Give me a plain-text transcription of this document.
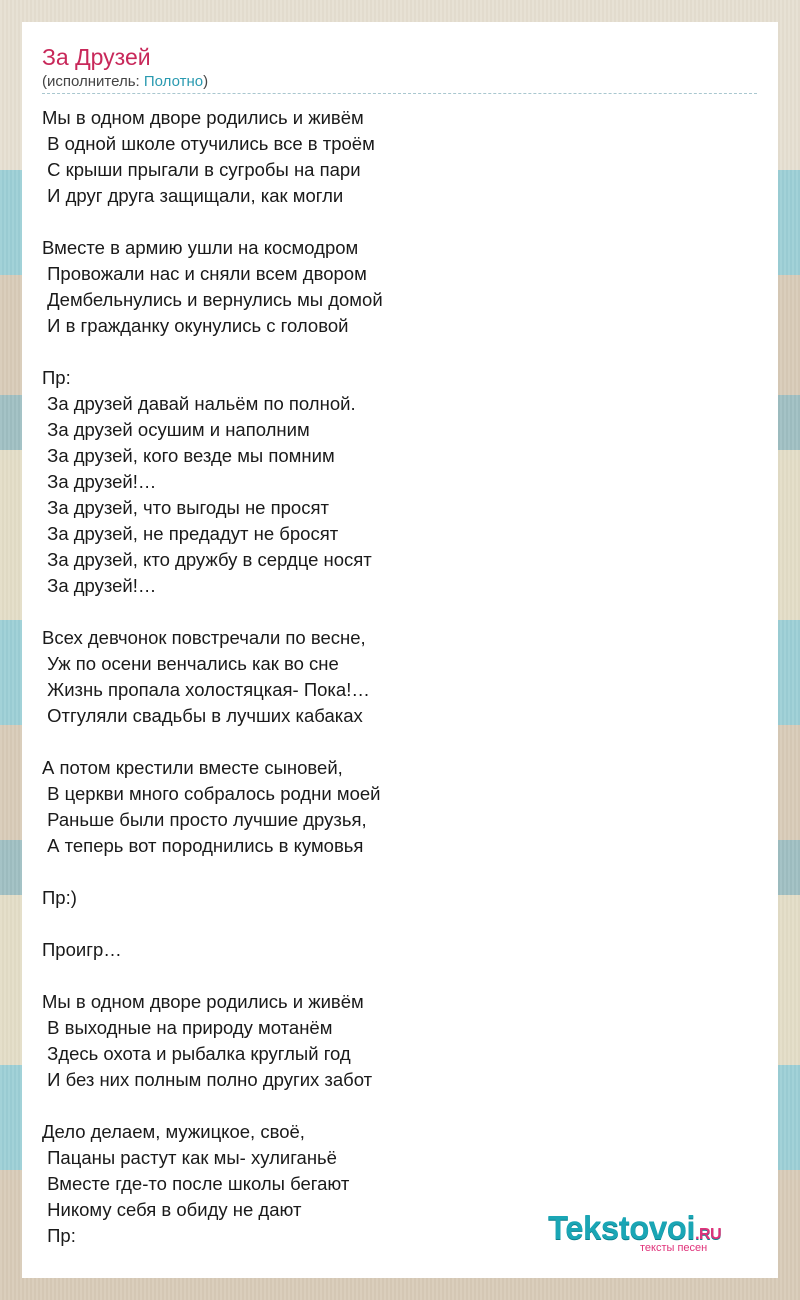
За Друзей
(исполнитель: Полотно)
Мы в одном дворе родились и живём
В одной школе отучились все в троём
С крыши прыгали в сугробы на пари
И друг друга защищали, как могли
Вместе в армию ушли на космодром
Провожали нас и сняли всем двором
Дембельнулись и вернулись мы домой
И в гражданку окунулись с головой
Пр:
За друзей давай нальём по полной.
За друзей осушим и наполним
За друзей, кого везде мы помним
За друзей!…
За друзей, что выгоды не просят
За друзей, не предадут не бросят
За друзей, кто дружбу в сердце носят
За друзей!…
Всех девчонок повстречали по весне,
Уж по осени венчались как во сне
Жизнь пропала холостяцкая- Пока!…
Отгуляли свадьбы в лучших кабаках
А потом крестили вместе сыновей,
В церкви много собралось родни моей
Раньше были просто лучшие друзья,
А теперь вот породнились в кумовья
Пр:)
Проигр…
Мы в одном дворе родились и живём
В выходные на природу мотанём
Здесь охота и рыбалка круглый год
И без них полным полно других забот
Дело делаем, мужицкое, своё,
Пацаны растут как мы- хулиганьё
Вместе где-то после школы бегают
Никому себя в обиду не дают
Пр:	Tekstovoi.RU
тексты песен
